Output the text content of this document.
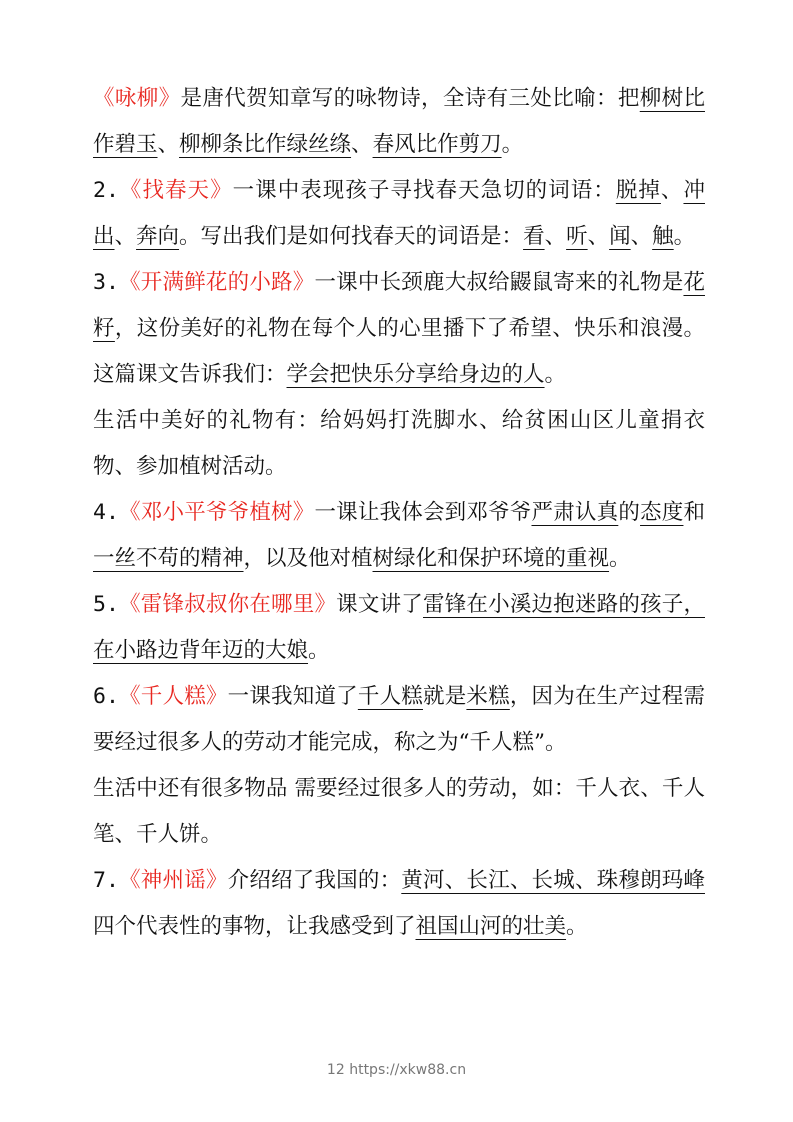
《咏柳》是唐代贺知章写的咏物诗，全诗有三处比喻：把柳树比作碧玉、柳柳条比作绿丝绦、春风比作剪刀。

2.《找春天》一课中表现孩子寻找春天急切的词语：脱掉、冲出、奔向。写出我们是如何找春天的词语是：看、听、闻、触。

3.《开满鲜花的小路》一课中长颈鹿大叔给鼹鼠寄来的礼物是花籽，这份美好的礼物在每个人的心里播下了希望、快乐和浪漫。这篇课文告诉我们：学会把快乐分享给身边的人。

生活中美好的礼物有：给妈妈打洗脚水、给贫困山区儿童捐衣物、参加植树活动。

4.《邓小平爷爷植树》一课让我体会到邓爷爷严肃认真的态度和一丝不苟的精神，以及他对植树绿化和保护环境的重视。

5.《雷锋叔叔你在哪里》课文讲了雷锋在小溪边抱迷路的孩子，在小路边背年迈的大娘。

6.《千人糕》一课我知道了千人糕就是米糕，因为在生产过程需要经过很多人的劳动才能完成，称之为“千人糕”。

生活中还有很多物品 需要经过很多人的劳动，如：千人衣、千人笔、千人饼。

7.《神州谣》介绍绍了我国的：黄河、长江、长城、珠穆朗玛峰四个代表性的事物，让我感受到了祖国山河的壮美。

12 https://xkw88.cn
